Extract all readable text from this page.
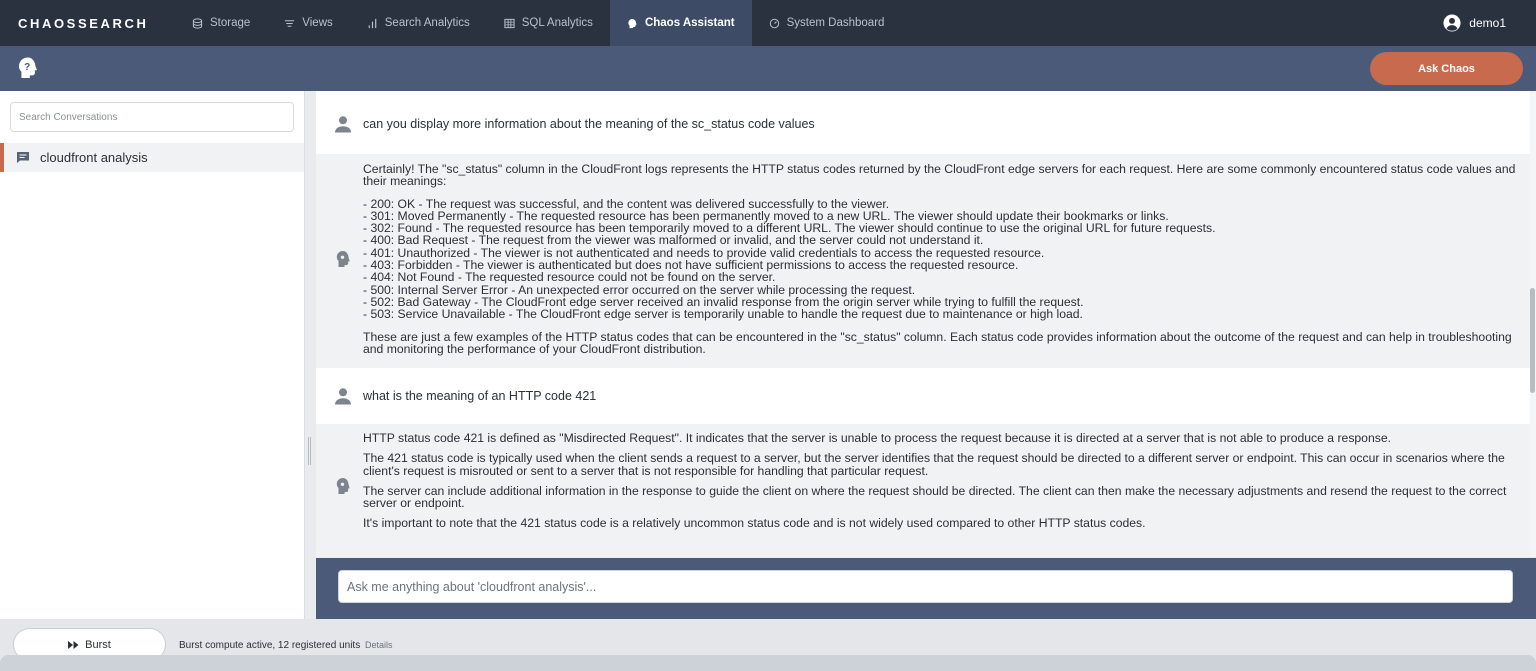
CHAOSSEARCH	Storage	Views	Search Analytics	SQL Analytics	Chaos Assistant	System Dashboard	demo1
?	Ask Chaos
Search Conversations
cloudfront analysis
can you display more information about the meaning of the sc_status code values

Certainly! The "sc_status" column in the CloudFront logs represents the HTTP status codes returned by the CloudFront edge servers for each request. Here are some commonly encountered status code values and their meanings:

- 200: OK - The request was successful, and the content was delivered successfully to the viewer.

- 301: Moved Permanently - The requested resource has been permanently moved to a new URL. The viewer should update their bookmarks or links.

- 302: Found - The requested resource has been temporarily moved to a different URL. The viewer should continue to use the original URL for future requests.

- 400: Bad Request - The request from the viewer was malformed or invalid, and the server could not understand it.

- 401: Unauthorized - The viewer is not authenticated and needs to provide valid credentials to access the requested resource.

- 403: Forbidden - The viewer is authenticated but does not have sufficient permissions to access the requested resource.

- 404: Not Found - The requested resource could not be found on the server.

- 500: Internal Server Error - An unexpected error occurred on the server while processing the request.

- 502: Bad Gateway - The CloudFront edge server received an invalid response from the origin server while trying to fulfill the request.

- 503: Service Unavailable - The CloudFront edge server is temporarily unable to handle the request due to maintenance or high load.

These are just a few examples of the HTTP status codes that can be encountered in the "sc_status" column. Each status code provides information about the outcome of the request and can help in troubleshooting and monitoring the performance of your CloudFront distribution.

what is the meaning of an HTTP code 421

HTTP status code 421 is defined as "Misdirected Request". It indicates that the server is unable to process the request because it is directed at a server that is not able to produce a response.

The 421 status code is typically used when the client sends a request to a server, but the server identifies that the request should be directed to a different server or endpoint. This can occur in scenarios where the client's request is misrouted or sent to a server that is not responsible for handling that particular request.

The server can include additional information in the response to guide the client on where the request should be directed. The client can then make the necessary adjustments and resend the request to the correct server or endpoint.

It's important to note that the 421 status code is a relatively uncommon status code and is not widely used compared to other HTTP status codes.

Ask me anything about 'cloudfront analysis'...
Burst	Burst compute active, 12 registered units Details
